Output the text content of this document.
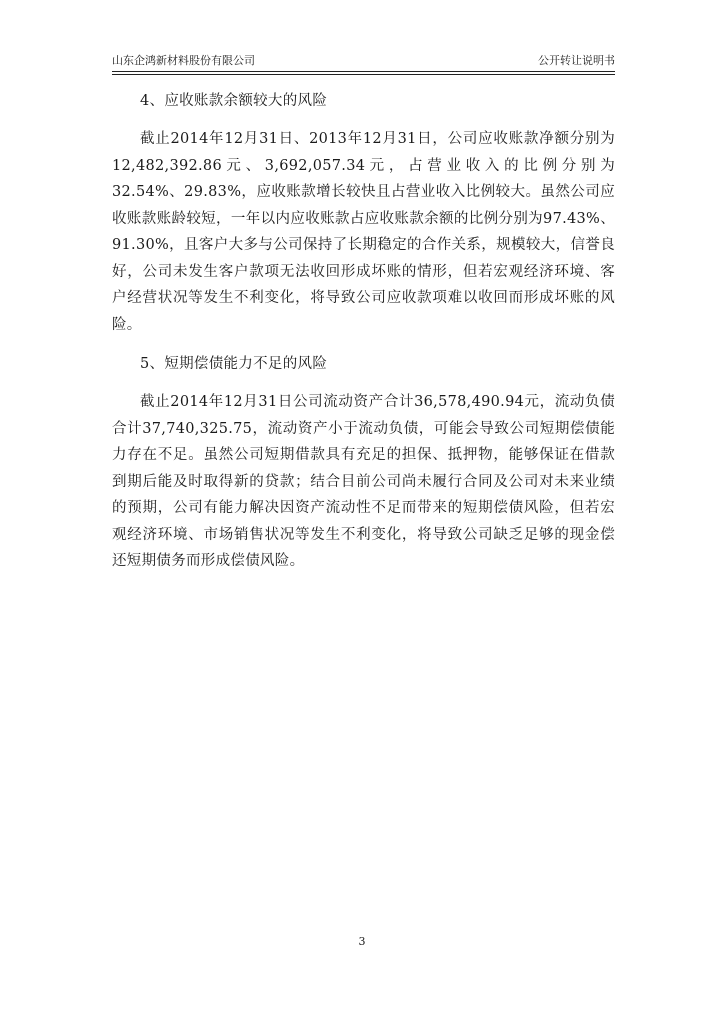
山东企鸿新材料股份有限公司	公开转让说明书

4、应收账款余额较大的风险

截止2014年12月31日、2013年12月31日，公司应收账款净额分别为12,482,392.86元、3,692,057.34元，占营业收入的比例分别为32.54%、29.83%，应收账款增长较快且占营业收入比例较大。虽然公司应收账款账龄较短，一年以内应收账款占应收账款余额的比例分别为97.43%、91.30%，且客户大多与公司保持了长期稳定的合作关系，规模较大，信誉良好，公司未发生客户款项无法收回形成坏账的情形，但若宏观经济环境、客户经营状况等发生不利变化，将导致公司应收款项难以收回而形成坏账的风险。

5、短期偿债能力不足的风险

截止2014年12月31日公司流动资产合计36,578,490.94元，流动负债合计37,740,325.75，流动资产小于流动负债，可能会导致公司短期偿债能力存在不足。虽然公司短期借款具有充足的担保、抵押物，能够保证在借款到期后能及时取得新的贷款；结合目前公司尚未履行合同及公司对未来业绩的预期，公司有能力解决因资产流动性不足而带来的短期偿债风险，但若宏观经济环境、市场销售状况等发生不利变化，将导致公司缺乏足够的现金偿还短期债务而形成偿债风险。

3
